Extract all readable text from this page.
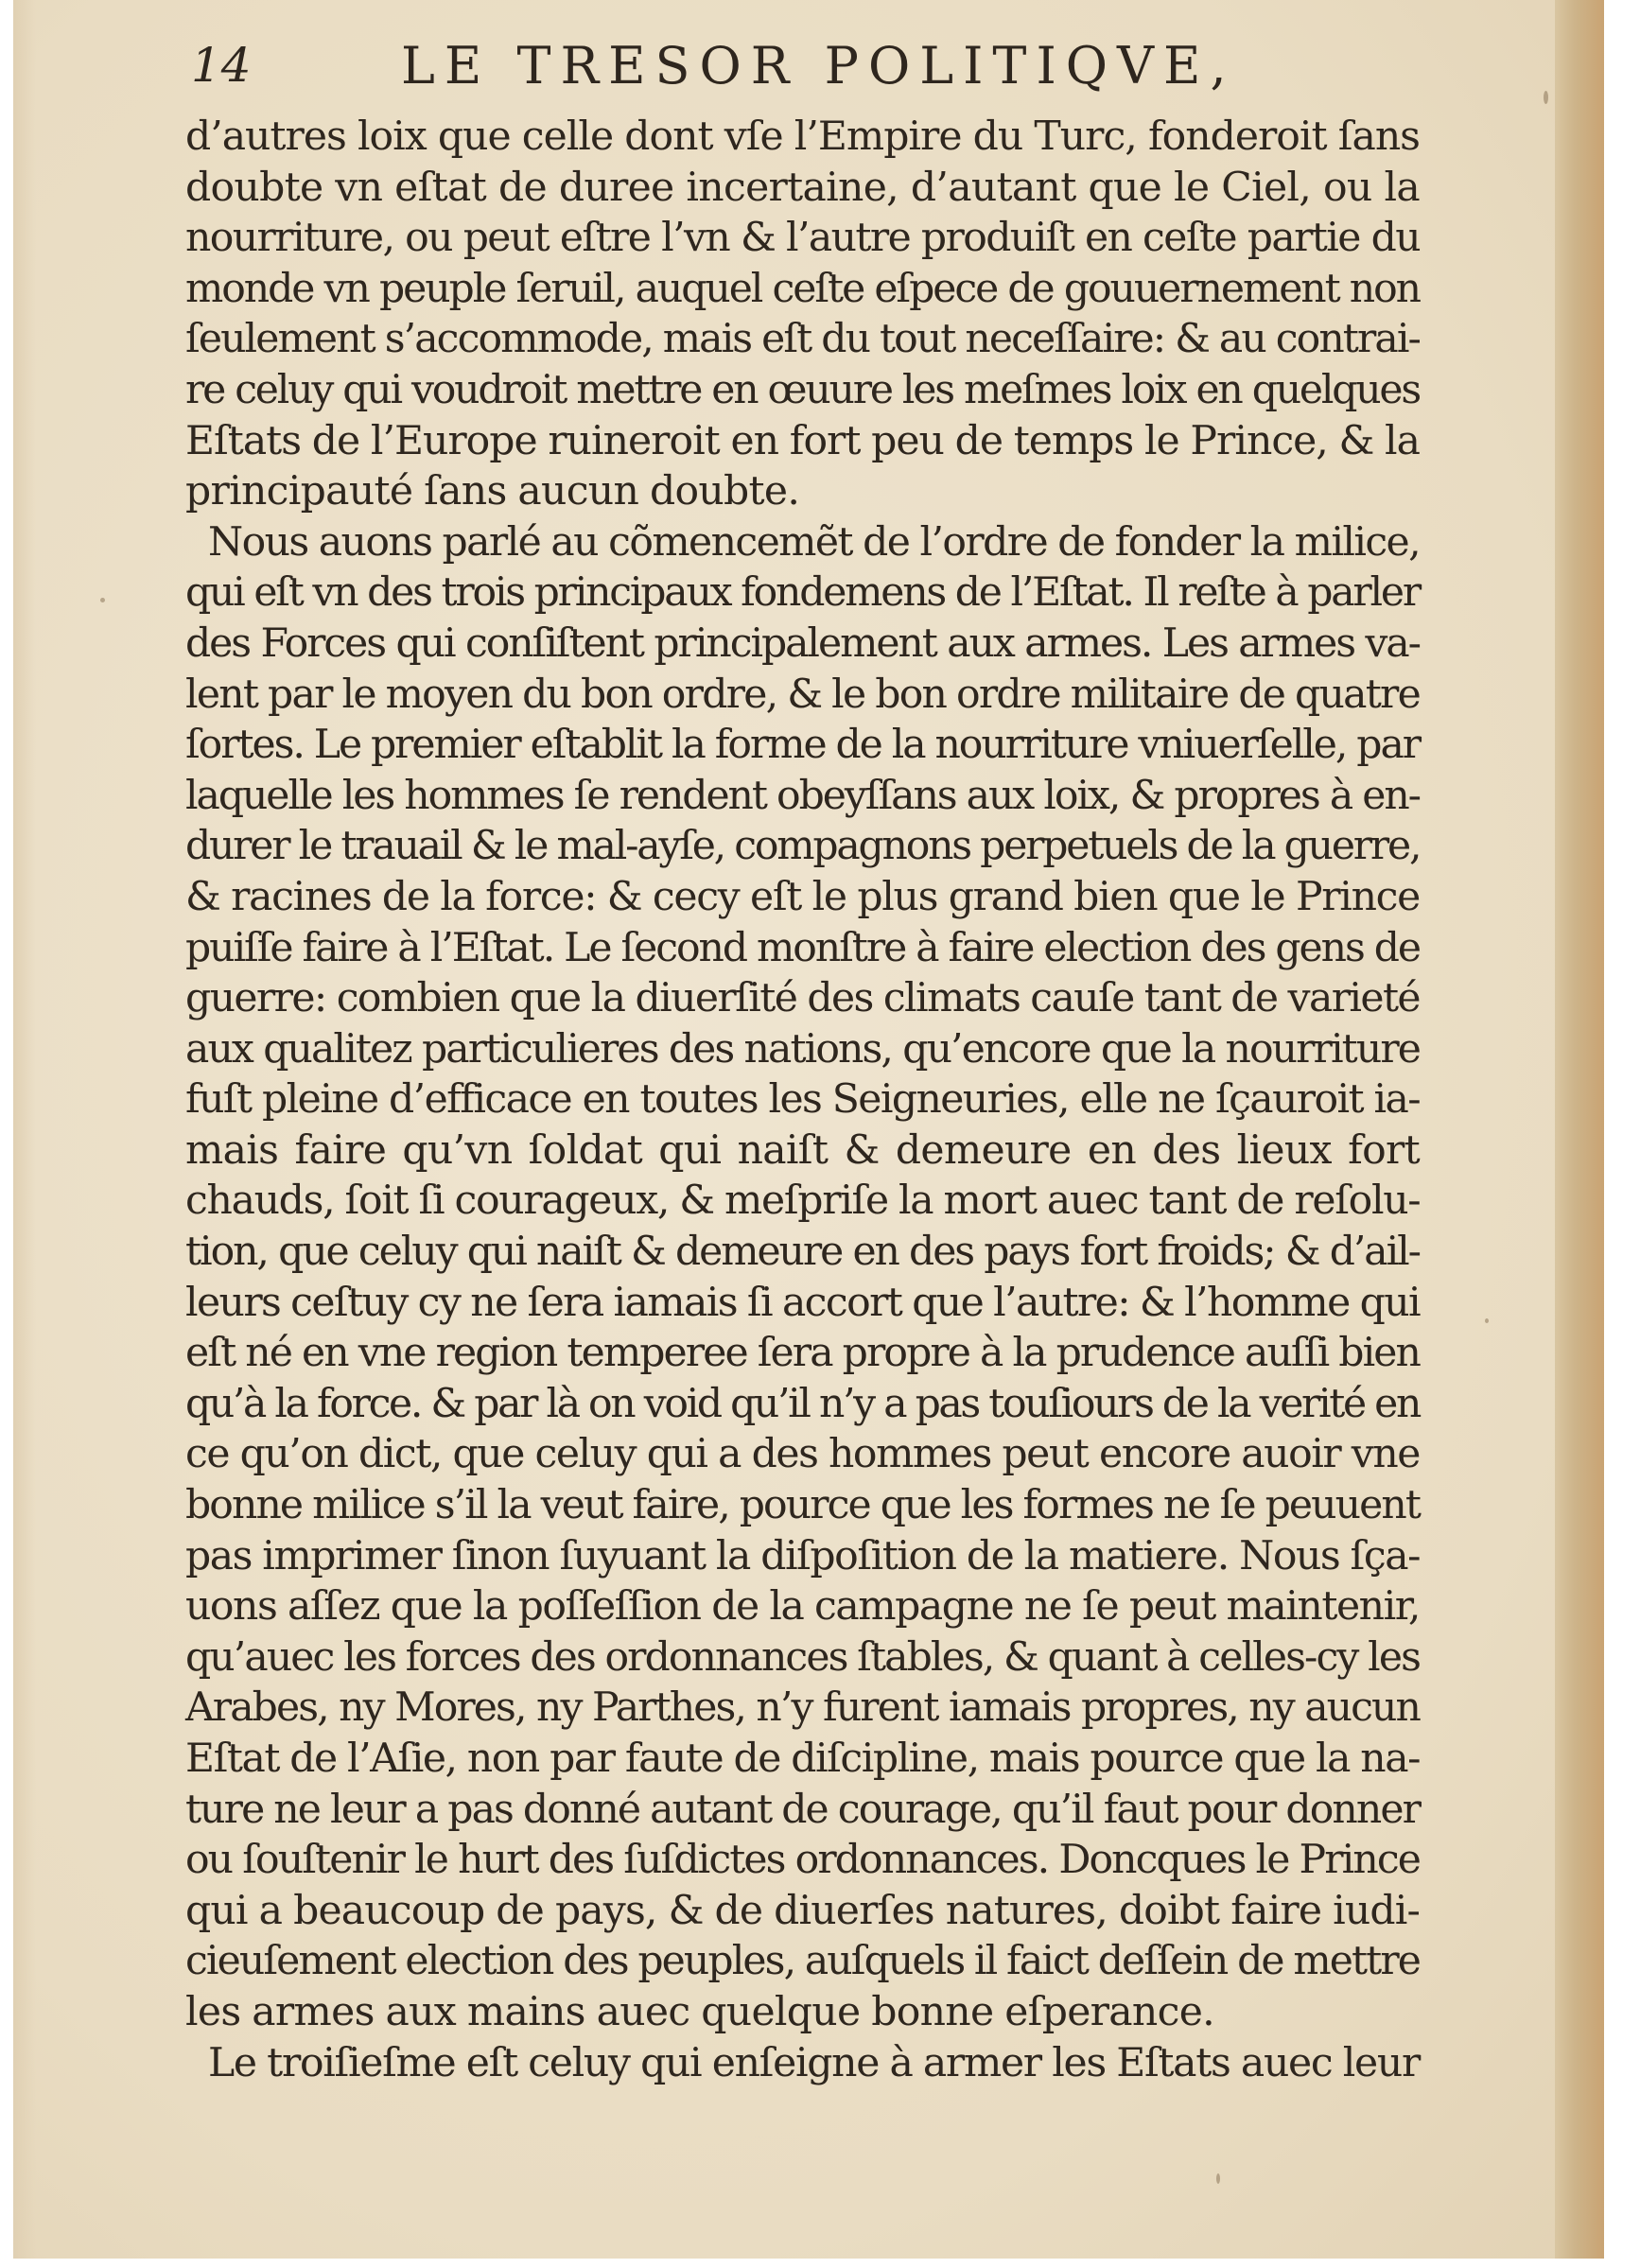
14	LE TRESOR POLITIQVE,
d’autres loix que celle dont vſe l’Empire du Turc, fonderoit ſans
doubte vn eſtat de duree incertaine, d’autant que le Ciel, ou la
nourriture, ou peut eſtre l’vn & l’autre produiſt en ceſte partie du
monde vn peuple ſeruil, auquel ceſte eſpece de gouuernement non
ſeulement s’accommode, mais eſt du tout neceſſaire: & au contrai-
re celuy qui voudroit mettre en œuure les meſmes loix en quelques
Eſtats de l’Europe ruineroit en fort peu de temps le Prince, & la
principauté ſans aucun doubte.
Nous auons parlé au cõmencemẽt de l’ordre de fonder la milice,
qui eſt vn des trois principaux fondemens de l’Eſtat. Il reſte à parler
des Forces qui conſiſtent principalement aux armes. Les armes va-
lent par le moyen du bon ordre, & le bon ordre militaire de quatre
ſortes. Le premier eſtablit la forme de la nourriture vniuerſelle, par
laquelle les hommes ſe rendent obeyſſans aux loix, & propres à en-
durer le trauail & le mal-ayſe, compagnons perpetuels de la guerre,
& racines de la force: & cecy eſt le plus grand bien que le Prince
puiſſe faire à l’Eſtat. Le ſecond monſtre à faire election des gens de
guerre: combien que la diuerſité des climats cauſe tant de varieté
aux qualitez particulieres des nations, qu’encore que la nourriture
fuſt pleine d’efficace en toutes les Seigneuries, elle ne ſçauroit ia-
mais faire qu’vn ſoldat qui naiſt & demeure en des lieux fort
chauds, ſoit ſi courageux, & meſpriſe la mort auec tant de reſolu-
tion, que celuy qui naiſt & demeure en des pays fort froids; & d’ail-
leurs ceſtuy cy ne ſera iamais ſi accort que l’autre: & l’homme qui
eſt né en vne region temperee ſera propre à la prudence auſſi bien
qu’à la force. & par là on void qu’il n’y a pas touſiours de la verité en
ce qu’on dict, que celuy qui a des hommes peut encore auoir vne
bonne milice s’il la veut faire, pource que les formes ne ſe peuuent
pas imprimer ſinon ſuyuant la diſpoſition de la matiere. Nous ſça-
uons aſſez que la poſſeſſion de la campagne ne ſe peut maintenir,
qu’auec les forces des ordonnances ſtables, & quant à celles-cy les
Arabes, ny Mores, ny Parthes, n’y furent iamais propres, ny aucun
Eſtat de l’Aſie, non par faute de diſcipline, mais pource que la na-
ture ne leur a pas donné autant de courage, qu’il faut pour donner
ou ſouſtenir le hurt des ſuſdictes ordonnances. Doncques le Prince
qui a beaucoup de pays, & de diuerſes natures, doibt faire iudi-
cieuſement election des peuples, auſquels il faict deſſein de mettre
les armes aux mains auec quelque bonne eſperance.
Le troiſieſme eſt celuy qui enſeigne à armer les Eſtats auec leur
